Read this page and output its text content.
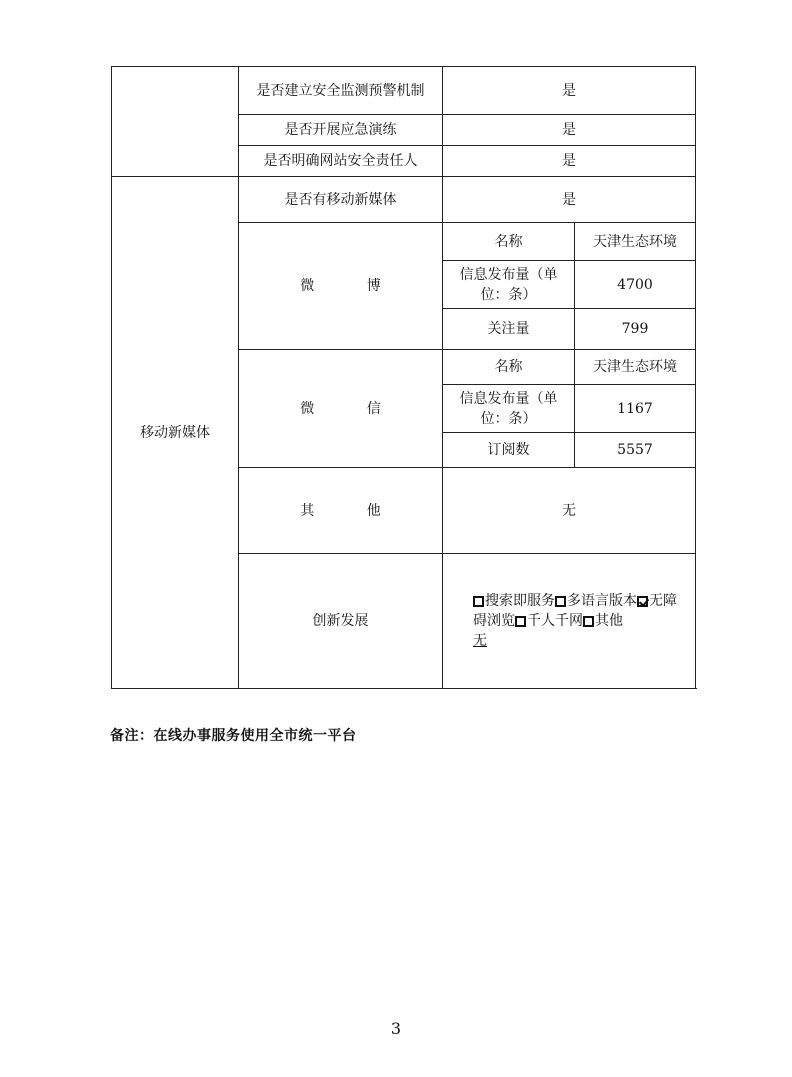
	是否建立安全监测预警机制	是	
	是否开展应急演练	是	
	是否明确网站安全责任人	是	
移动新媒体	是否有移动新媒体	是	
	微 博	名称	天津生态环境
		信息发布量（单位：条）	4700
		关注量	799
	微 信	名称	天津生态环境
		信息发布量（单位：条）	1167
		订阅数	5557
	其 他	无	
	创新发展	搜索即服务 多语言版本 无障碍浏览 千人千网 其他
无	
备注：在线办事服务使用全市统一平台
3
